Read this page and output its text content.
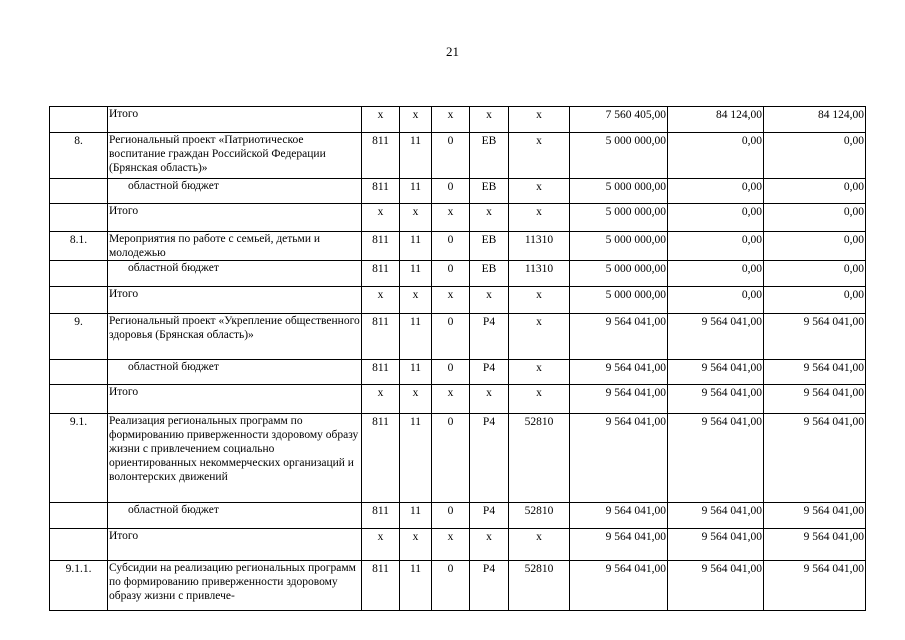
21
	Итого	x	x	x	x	x	7 560 405,00	84 124,00	84 124,00
8.	Региональный проект «Патриотическое воспитание граждан Российской Федерации (Брянская область)»	811	11	0	EB	x	5 000 000,00	0,00	0,00
	областной бюджет	811	11	0	EB	x	5 000 000,00	0,00	0,00
	Итого	x	x	x	x	x	5 000 000,00	0,00	0,00
8.1.	Мероприятия по работе с семьей, детьми и молодежью	811	11	0	EB	11310	5 000 000,00	0,00	0,00
	областной бюджет	811	11	0	EB	11310	5 000 000,00	0,00	0,00
	Итого	x	x	x	x	x	5 000 000,00	0,00	0,00
9.	Региональный проект «Укрепление общественного здоровья (Брянская область)»	811	11	0	P4	x	9 564 041,00	9 564 041,00	9 564 041,00
	областной бюджет	811	11	0	P4	x	9 564 041,00	9 564 041,00	9 564 041,00
	Итого	x	x	x	x	x	9 564 041,00	9 564 041,00	9 564 041,00
9.1.	Реализация региональных программ по формированию приверженности здоровому образу жизни с привлечением социально ориентированных некоммерческих организаций и волонтерских движений	811	11	0	P4	52810	9 564 041,00	9 564 041,00	9 564 041,00
	областной бюджет	811	11	0	P4	52810	9 564 041,00	9 564 041,00	9 564 041,00
	Итого	x	x	x	x	x	9 564 041,00	9 564 041,00	9 564 041,00
9.1.1.	Субсидии на реализацию региональных программ по формированию приверженности здоровому образу жизни с привлече-	811	11	0	P4	52810	9 564 041,00	9 564 041,00	9 564 041,00
